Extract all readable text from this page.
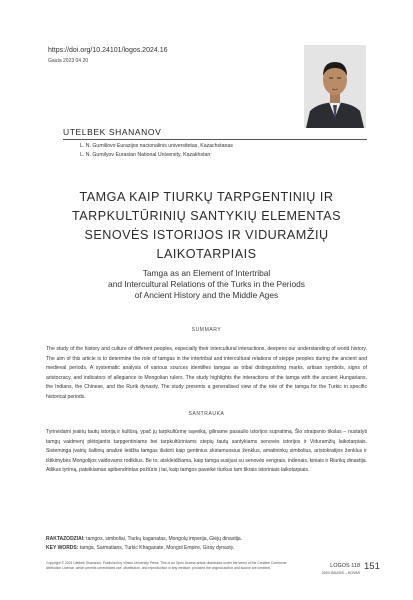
https://doi.org/10.24101/logos.2024.16
Gauta 2023 04 20
UTELBEK SHANANOV
L. N. Gumiliovo Eurazijos nacionalinis universitetas, Kazachstanas
L. N. Gumilyov Eurasian National University, Kazakhstan
TAMGA KAIP TIURKŲ TARPGENTINIŲ IR
TARPKULTŪRINIŲ SANTYKIŲ ELEMENTAS
SENOVĖS ISTORIJOS IR VIDURAMŽIŲ
LAIKOTARPIAIS
Tamga as an Element of Intertribal
and Intercultural Relations of the Turks in the Periods
of Ancient History and the Middle Ages
SUMMARY

The study of the history and culture of different peoples, especially their intercultural interactions, deepens our understanding of world history. The aim of this article is to determine the role of tamgas in the intertribal and intercultural relations of steppe peoples during the ancient and medieval periods. A systematic analysis of various sources identifies tamgas as tribal distinguishing marks, artisan symbols, signs of aristocracy, and indicators of allegiance to Mongolian rulers. The study highlights the interactions of the tamga with the ancient Hungarians, the Indians, the Chinese, and the Rurik dynasty. The study presents a generalised view of the role of the tamga for the Turkic in specific historical periods.

SANTRAUKA

Tyrinėdami įvairių tautų istoriją ir kultūrą, ypač jų tarpkultūrinę sąveiką, giliname pasaulio istorijos supratimą. Šio straipsnio tikslas – nustatyti tamgų vaidmenį plėtojantis tarpgentiniams bei tarpkultūriniams stepių tautų santykiams senovės istorijos ir Viduramžių laikotarpiais. Sisteminga įvairių šaltinių analizė leidžia tamgas išskirti kaip gentinius skiriamuosius ženklus, amatininkų simbolius, aristokratijos ženklus ir ištikimybės Mongolijos valdovams rodiklius. Be to, atskleidžiama, kaip tamga susijusi su senovės vengrais, indėnais, kiniais ir Riurikų dinastija. Atlikus tyrimą, pateikiamas apibendrintas požiūris į tai, kaip tamgos paveikė tiurkus tam tikrais istoriniais laikotarpiais.

RAKTAŽODŽIAI: tamgos, simboliai, Tiurkų kaganatas, Mongolų imperija, Giėjų dinastija.
KEY WORDS: tamga, Sarmatians, Turkic Khaganate, Mongol Empire, Giray dynasty.

Copyright © 2024 Utelbek Shananov. Published by Vilnius University Press. This is an Open Access article distributed under the terms of the Creative Commons Attribution License, which permits unrestricted use, distribution, and reproduction in any medium, provided the original author and source are credited.	LOGOS 118
2024 SAUSIS – KOVAS
151
